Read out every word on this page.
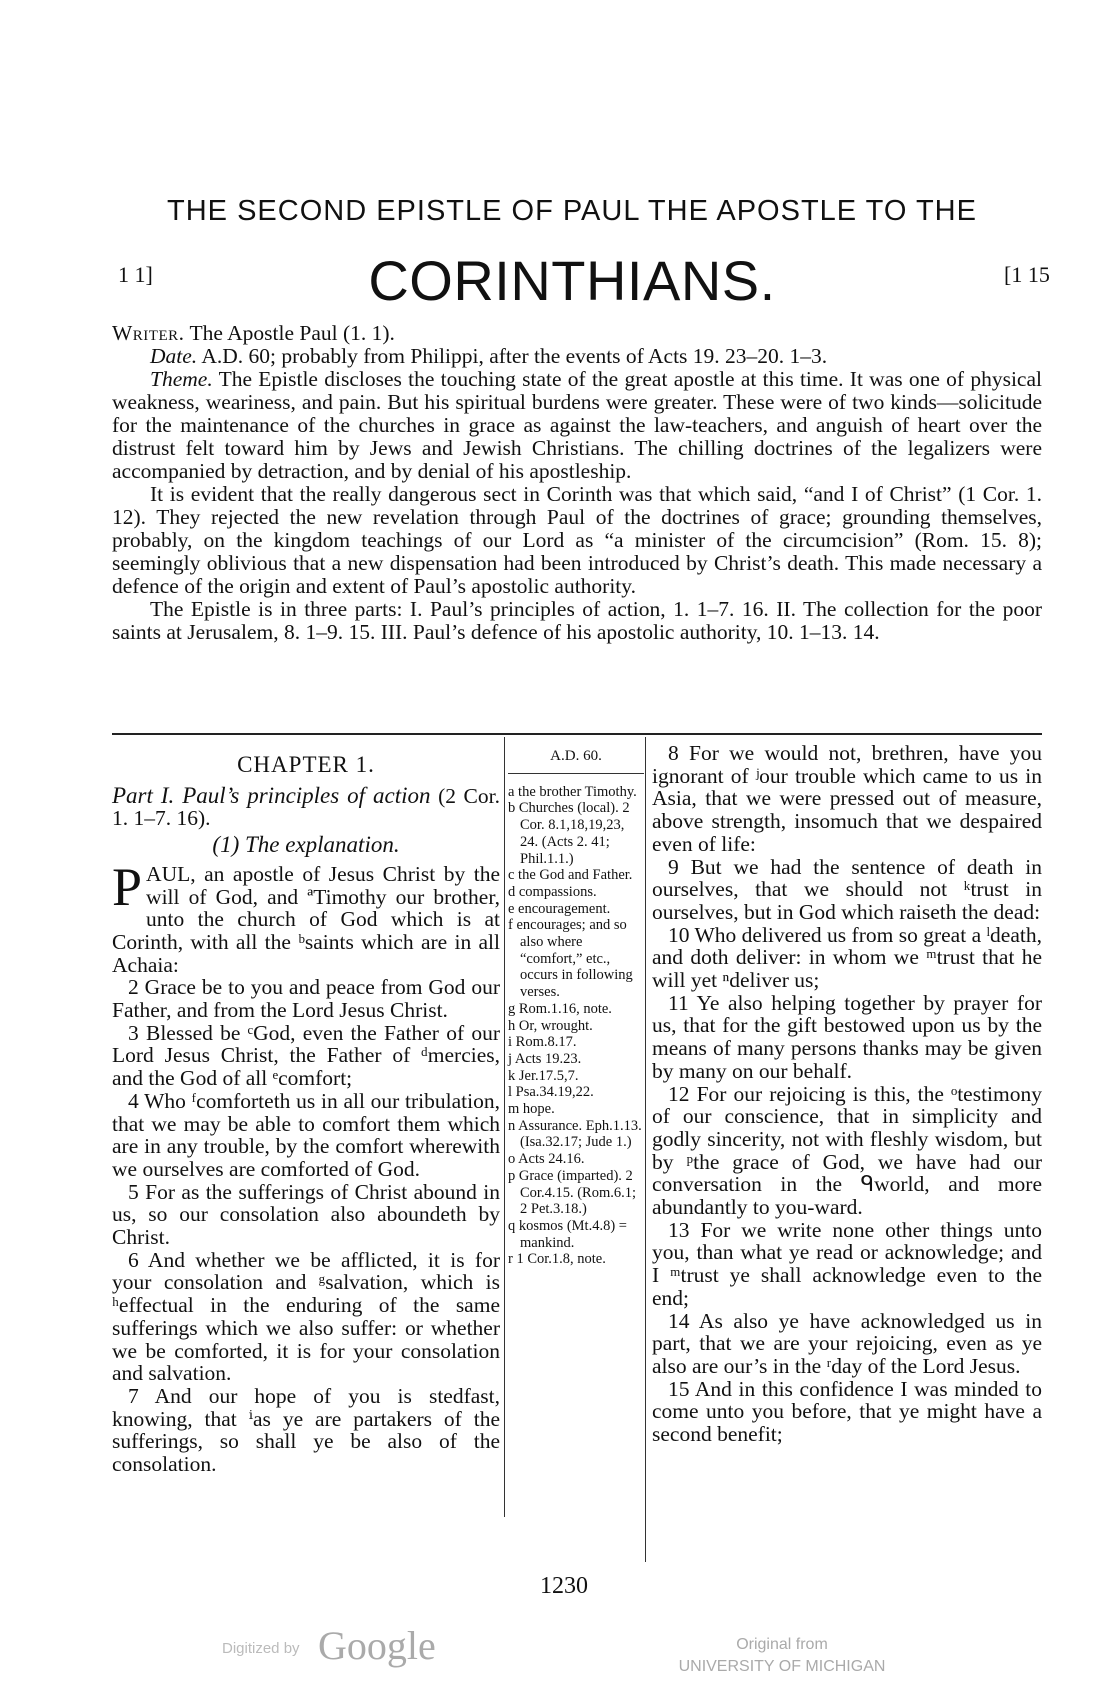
THE SECOND EPISTLE OF PAUL THE APOSTLE TO THE
1 1]	CORINTHIANS.	[1 15

Writer. The Apostle Paul (1. 1).

Date. A.D. 60; probably from Philippi, after the events of Acts 19. 23–20. 1–3.

Theme. The Epistle discloses the touching state of the great apostle at this time. It was one of physical weakness, weariness, and pain. But his spiritual burdens were greater. These were of two kinds—solicitude for the maintenance of the churches in grace as against the law-teachers, and anguish of heart over the distrust felt toward him by Jews and Jewish Christians. The chilling doctrines of the legalizers were accompanied by detraction, and by denial of his apostleship.

It is evident that the really dangerous sect in Corinth was that which said, “and I of Christ” (1 Cor. 1. 12). They rejected the new revelation through Paul of the doctrines of grace; grounding themselves, probably, on the kingdom teachings of our Lord as “a minister of the circumcision” (Rom. 15. 8); seemingly oblivious that a new dispensation had been introduced by Christ’s death. This made necessary a defence of the origin and extent of Paul’s apostolic authority.

The Epistle is in three parts: I. Paul’s principles of action, 1. 1–7. 16. II. The collection for the poor saints at Jerusalem, 8. 1–9. 15. III. Paul’s defence of his apostolic authority, 10. 1–13. 14.

CHAPTER 1.
Part I. Paul’s principles of action (2 Cor. 1. 1–7. 16).
(1) The explanation.

PAUL, an apostle of Jesus Christ by the will of God, and ªTimothy our brother, unto the church of God which is at Corinth, with all the ᵇsaints which are in all Achaia:

2 Grace be to you and peace from God our Father, and from the Lord Jesus Christ.

3 Blessed be ᶜGod, even the Father of our Lord Jesus Christ, the Father of ᵈmercies, and the God of all ᵉcomfort;

4 Who ᶠcomforteth us in all our tribulation, that we may be able to comfort them which are in any trouble, by the comfort wherewith we ourselves are comforted of God.

5 For as the sufferings of Christ abound in us, so our consolation also aboundeth by Christ.

6 And whether we be afflicted, it is for your consolation and ᵍsalvation, which is ʰeffectual in the enduring of the same sufferings which we also suffer: or whether we be comforted, it is for your consolation and salvation.

7 And our hope of you is stedfast, knowing, that ⁱas ye are partakers of the sufferings, so shall ye be also of the consolation.

A.D. 60.

a the brother Timothy.

b Churches (local). 2 Cor. 8.1,18,19,23, 24. (Acts 2. 41; Phil.1.1.)

c the God and Father.

d compassions.

e encouragement.

f encourages; and so also where “comfort,” etc., occurs in following verses.

g Rom.1.16, note.

h Or, wrought.

i Rom.8.17.

j Acts 19.23.

k Jer.17.5,7.

l Psa.34.19,22.

m hope.

n Assurance. Eph.1.13. (Isa.32.17; Jude 1.)

o Acts 24.16.

p Grace (imparted). 2 Cor.4.15. (Rom.6.1; 2 Pet.3.18.)

q kosmos (Mt.4.8) = mankind.

r 1 Cor.1.8, note.

8 For we would not, brethren, have you ignorant of ʲour trouble which came to us in Asia, that we were pressed out of measure, above strength, insomuch that we despaired even of life:

9 But we had the sentence of death in ourselves, that we should not ᵏtrust in ourselves, but in God which raiseth the dead:

10 Who delivered us from so great a ˡdeath, and doth deliver: in whom we ᵐtrust that he will yet ⁿdeliver us;

11 Ye also helping together by prayer for us, that for the gift bestowed upon us by the means of many persons thanks may be given by many on our behalf.

12 For our rejoicing is this, the ᵒtestimony of our conscience, that in simplicity and godly sincerity, not with fleshly wisdom, but by ᵖthe grace of God, we have had our conversation in the ᑫworld, and more abundantly to you-ward.

13 For we write none other things unto you, than what ye read or acknowledge; and I ᵐtrust ye shall acknowledge even to the end;

14 As also ye have acknowledged us in part, that we are your rejoicing, even as ye also are our’s in the ʳday of the Lord Jesus.

15 And in this confidence I was minded to come unto you before, that ye might have a second benefit;

1230
Digitized by Google	Original from
UNIVERSITY OF MICHIGAN
